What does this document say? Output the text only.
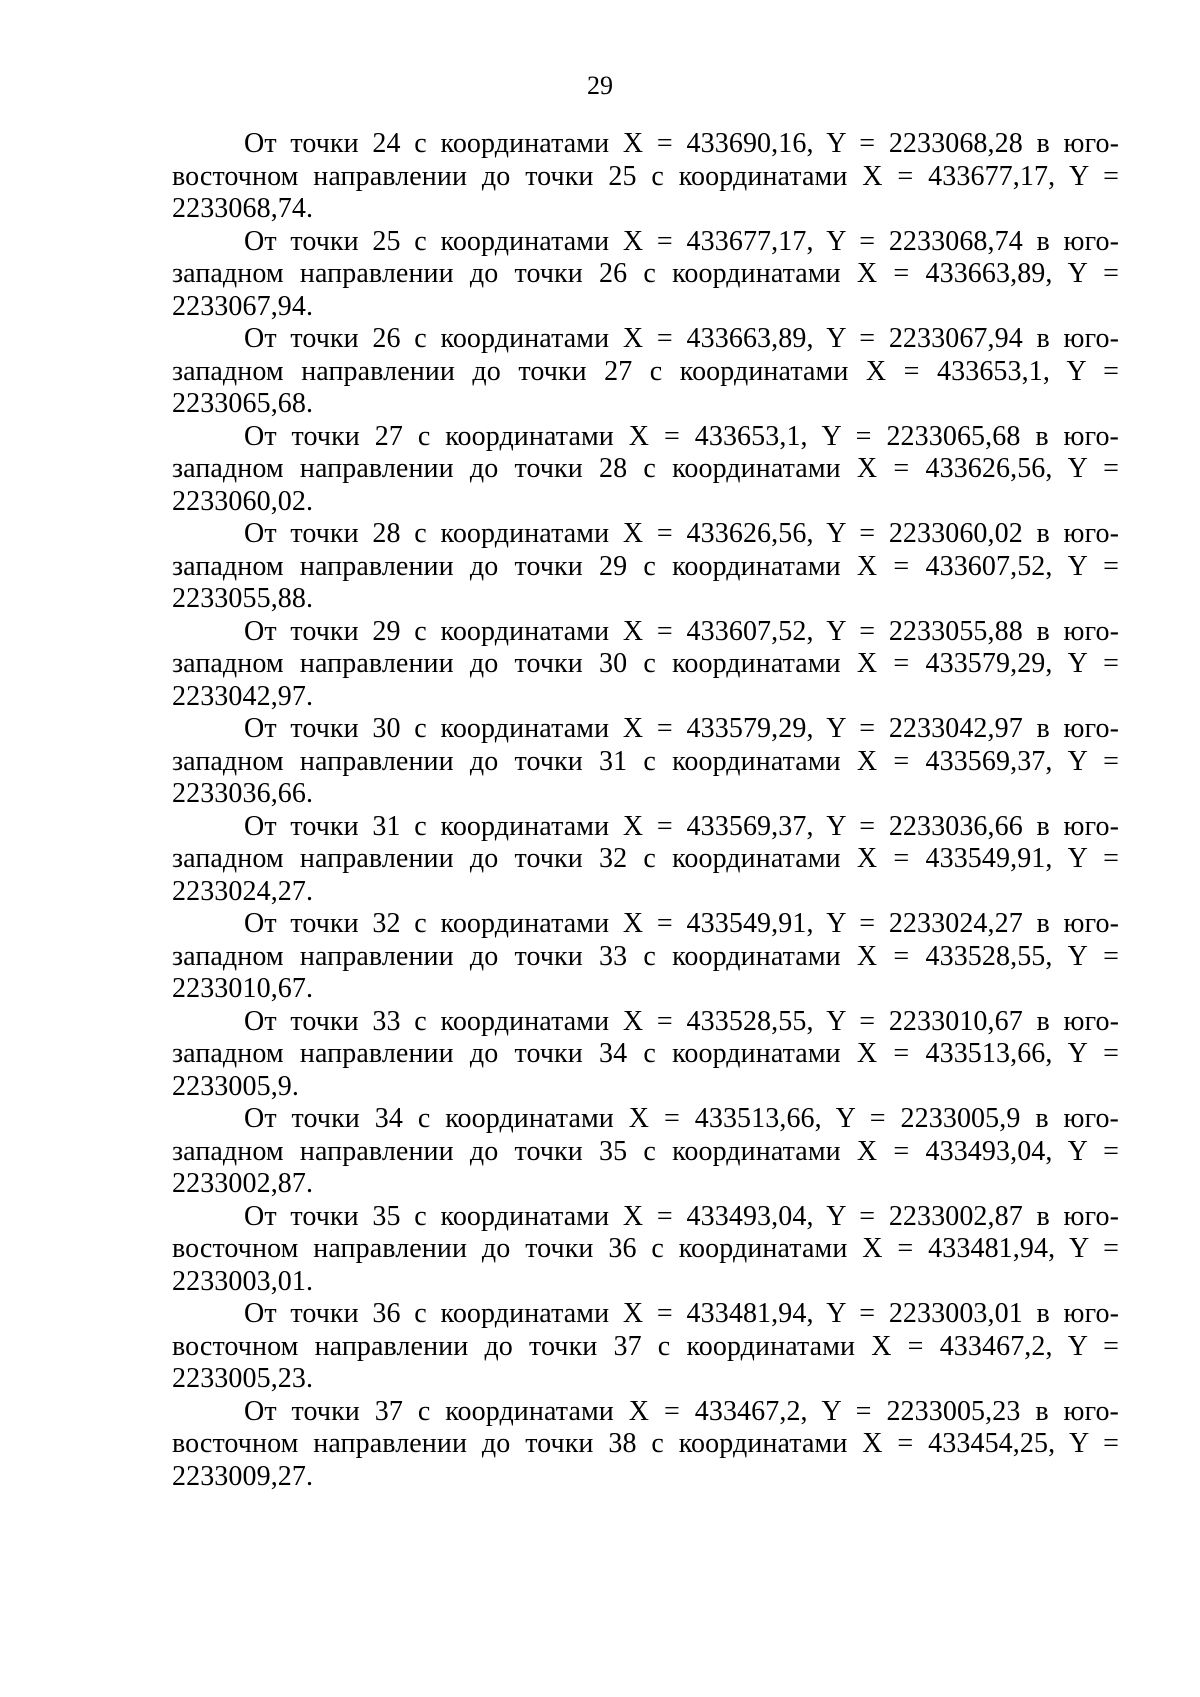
29

От точки 24 с координатами X = 433690,16, Y = 2233068,28 в юго-восточном направлении до точки 25 с координатами X = 433677,17, Y = 2233068,74.

От точки 25 с координатами X = 433677,17, Y = 2233068,74 в юго-западном направлении до точки 26 с координатами X = 433663,89, Y = 2233067,94.

От точки 26 с координатами X = 433663,89, Y = 2233067,94 в юго-западном направлении до точки 27 с координатами X = 433653,1, Y = 2233065,68.

От точки 27 с координатами X = 433653,1, Y = 2233065,68 в юго-западном направлении до точки 28 с координатами X = 433626,56, Y = 2233060,02.

От точки 28 с координатами X = 433626,56, Y = 2233060,02 в юго-западном направлении до точки 29 с координатами X = 433607,52, Y = 2233055,88.

От точки 29 с координатами X = 433607,52, Y = 2233055,88 в юго-западном направлении до точки 30 с координатами X = 433579,29, Y = 2233042,97.

От точки 30 с координатами X = 433579,29, Y = 2233042,97 в юго-западном направлении до точки 31 с координатами X = 433569,37, Y = 2233036,66.

От точки 31 с координатами X = 433569,37, Y = 2233036,66 в юго-западном направлении до точки 32 с координатами X = 433549,91, Y = 2233024,27.

От точки 32 с координатами X = 433549,91, Y = 2233024,27 в юго-западном направлении до точки 33 с координатами X = 433528,55, Y = 2233010,67.

От точки 33 с координатами X = 433528,55, Y = 2233010,67 в юго-западном направлении до точки 34 с координатами X = 433513,66, Y = 2233005,9.

От точки 34 с координатами X = 433513,66, Y = 2233005,9 в юго-западном направлении до точки 35 с координатами X = 433493,04, Y = 2233002,87.

От точки 35 с координатами X = 433493,04, Y = 2233002,87 в юго-восточном направлении до точки 36 с координатами X = 433481,94, Y = 2233003,01.

От точки 36 с координатами X = 433481,94, Y = 2233003,01 в юго-восточном направлении до точки 37 с координатами X = 433467,2, Y = 2233005,23.

От точки 37 с координатами X = 433467,2, Y = 2233005,23 в юго-восточном направлении до точки 38 с координатами X = 433454,25, Y = 2233009,27.
